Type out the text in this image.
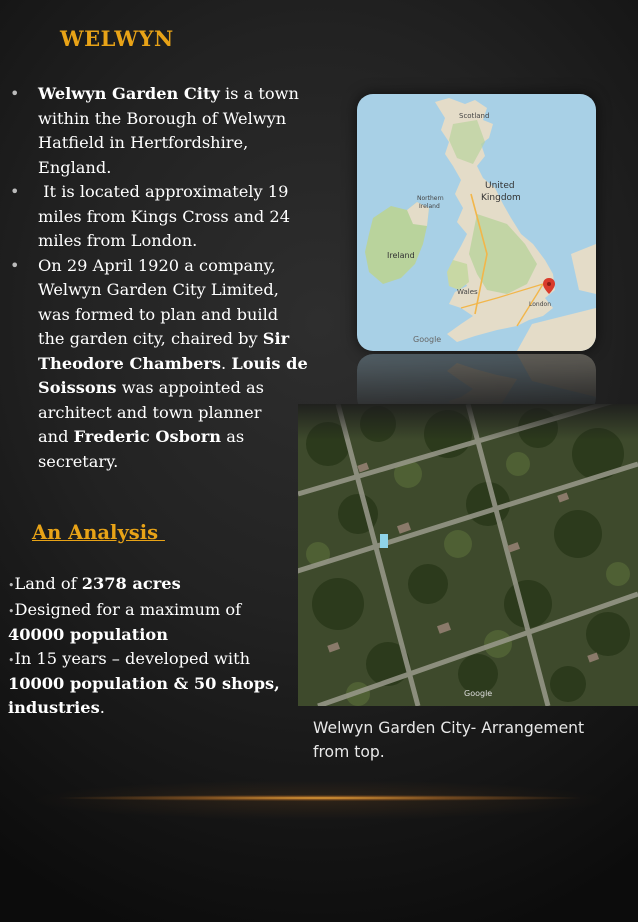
WELWYN
• Welwyn Garden City is a town
within the Borough of Welwyn
Hatfield in Hertfordshire,
England.
• It is located approximately 19
miles from Kings Cross and 24
miles from London.
• On 29 April 1920 a company,
Welwyn Garden City Limited,
was formed to plan and build
the garden city, chaired by Sir
Theodore Chambers. Louis de
Soissons was appointed as
architect and town planner
and Frederic Osborn as
secretary.
Scotland
United
Kingdom
Ireland
Northern
Ireland
Wales
London
Google
Google
An Analysis
•Land of 2378 acres
•Designed for a maximum of
40000 population
•In 15 years – developed with
10000 population & 50 shops,
industries.
Welwyn Garden City- Arrangement
from top.
